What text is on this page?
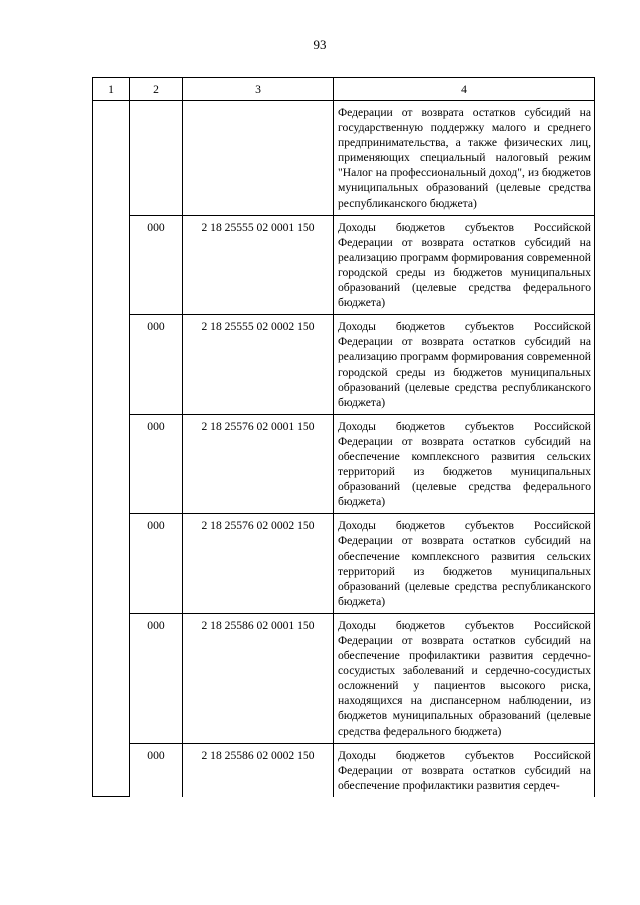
93
1	2	3	4
			Федерации от возврата остатков субсидий на государственную поддержку малого и среднего предпринимательства, а также физических лиц, применяющих специальный налоговый режим "Налог на профессиональный доход", из бюджетов муниципальных образований (целевые средства республиканского бюджета)
	000	2 18 25555 02 0001 150	Доходы бюджетов субъектов Российской Федерации от возврата остатков субсидий на реализацию программ формирования современной городской среды из бюджетов муниципальных образований (целевые средства федерального бюджета)
	000	2 18 25555 02 0002 150	Доходы бюджетов субъектов Российской Федерации от возврата остатков субсидий на реализацию программ формирования современной городской среды из бюджетов муниципальных образований (целевые средства республиканского бюджета)
	000	2 18 25576 02 0001 150	Доходы бюджетов субъектов Российской Федерации от возврата остатков субсидий на обеспечение комплексного развития сельских территорий из бюджетов муниципальных образований (целевые средства федерального бюджета)
	000	2 18 25576 02 0002 150	Доходы бюджетов субъектов Российской Федерации от возврата остатков субсидий на обеспечение комплексного развития сельских территорий из бюджетов муниципальных образований (целевые средства республиканского бюджета)
	000	2 18 25586 02 0001 150	Доходы бюджетов субъектов Российской Федерации от возврата остатков субсидий на обеспечение профилактики развития сердечно-сосудистых заболеваний и сердечно-сосудистых осложнений у пациентов высокого риска, находящихся на диспансерном наблюдении, из бюджетов муниципальных образований (целевые средства федерального бюджета)
	000	2 18 25586 02 0002 150	Доходы бюджетов субъектов Российской Федерации от возврата остатков субсидий на обеспечение профилактики развития сердеч-
